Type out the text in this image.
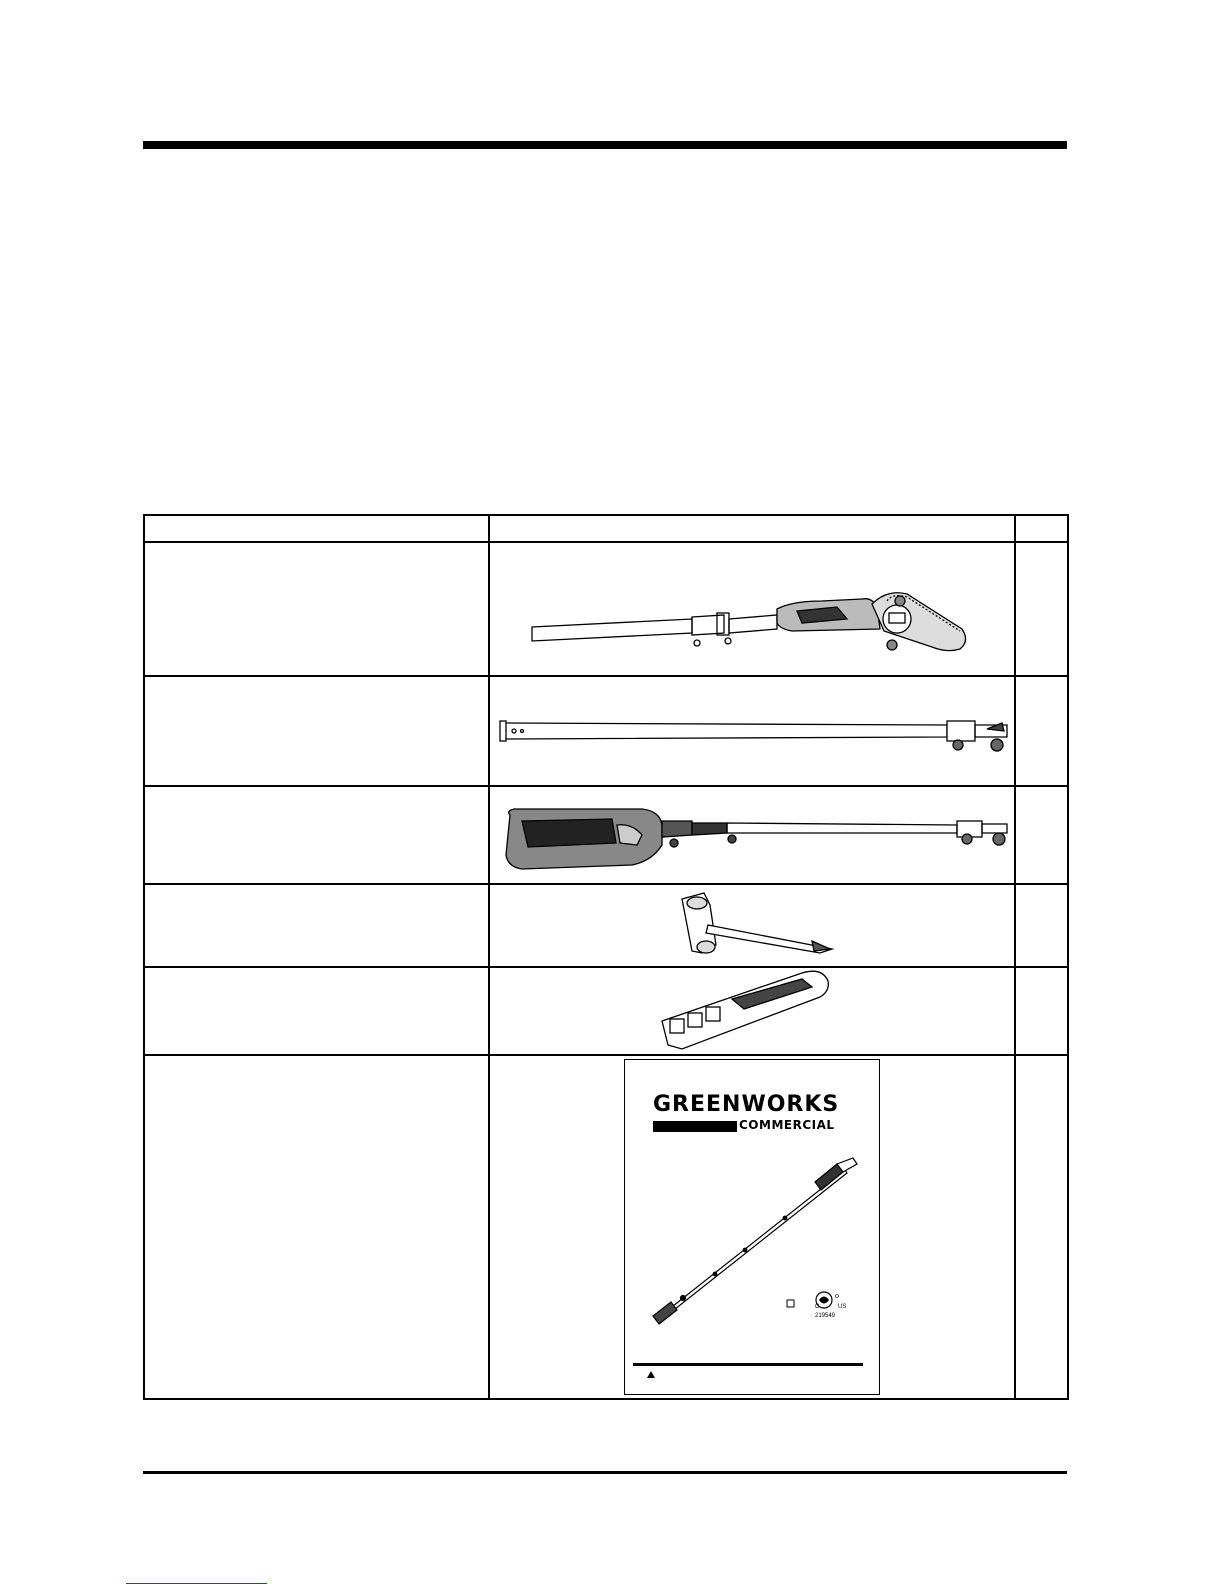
	GREENWORKS
COMMERCIAL
C US
219549	
